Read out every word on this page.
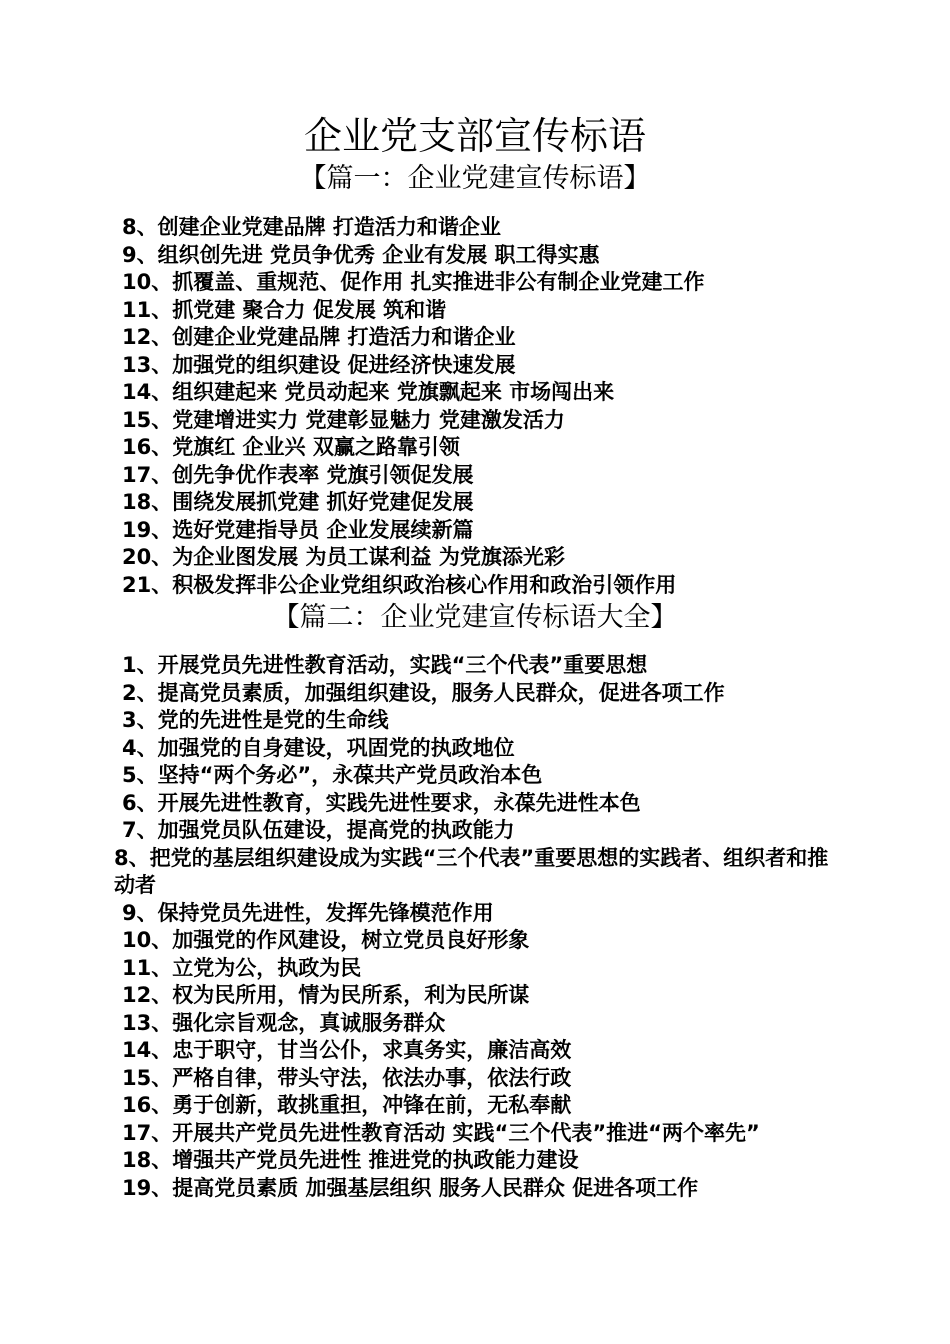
企业党支部宣传标语
【篇一：企业党建宣传标语】
8、创建企业党建品牌 打造活力和谐企业
9、组织创先进 党员争优秀 企业有发展 职工得实惠
10、抓覆盖、重规范、促作用 扎实推进非公有制企业党建工作
11、抓党建 聚合力 促发展 筑和谐
12、创建企业党建品牌 打造活力和谐企业
13、加强党的组织建设 促进经济快速发展
14、组织建起来 党员动起来 党旗飘起来 市场闯出来
15、党建增进实力 党建彰显魅力 党建激发活力
16、党旗红 企业兴 双赢之路靠引领
17、创先争优作表率 党旗引领促发展
18、围绕发展抓党建 抓好党建促发展
19、选好党建指导员 企业发展续新篇
20、为企业图发展 为员工谋利益 为党旗添光彩
21、积极发挥非公企业党组织政治核心作用和政治引领作用
【篇二：企业党建宣传标语大全】
1、开展党员先进性教育活动，实践“三个代表”重要思想
2、提高党员素质，加强组织建设，服务人民群众，促进各项工作
3、党的先进性是党的生命线
4、加强党的自身建设，巩固党的执政地位
5、坚持“两个务必”，永葆共产党员政治本色
6、开展先进性教育，实践先进性要求，永葆先进性本色
7、加强党员队伍建设，提高党的执政能力
8、把党的基层组织建设成为实践“三个代表”重要思想的实践者、组织者和推动者
9、保持党员先进性，发挥先锋模范作用
10、加强党的作风建设，树立党员良好形象
11、立党为公，执政为民
12、权为民所用，情为民所系，利为民所谋
13、强化宗旨观念，真诚服务群众
14、忠于职守，甘当公仆，求真务实，廉洁高效
15、严格自律，带头守法，依法办事，依法行政
16、勇于创新，敢挑重担，冲锋在前，无私奉献
17、开展共产党员先进性教育活动 实践“三个代表”推进“两个率先”
18、增强共产党员先进性 推进党的执政能力建设
19、提高党员素质 加强基层组织 服务人民群众 促进各项工作
